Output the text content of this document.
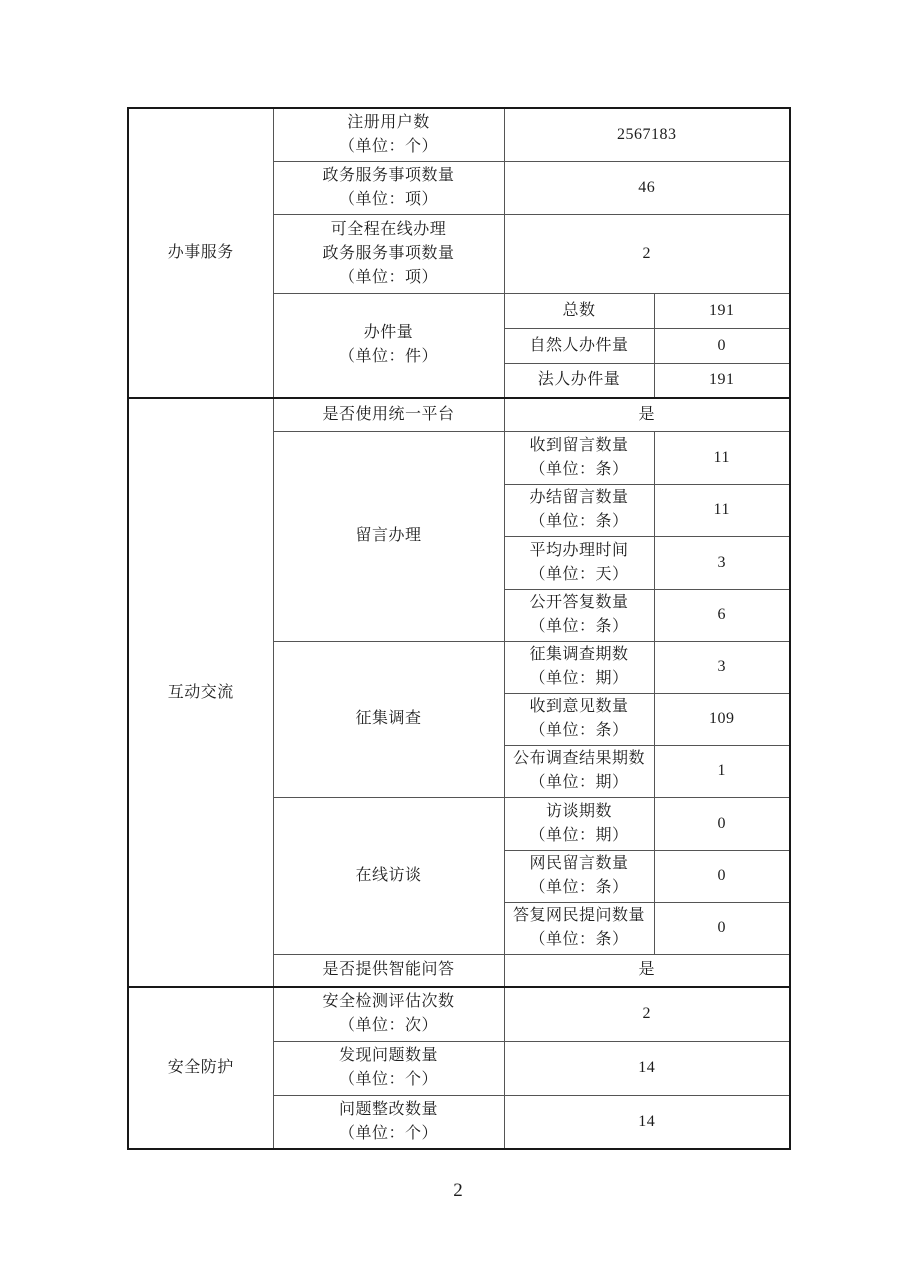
办事服务	注册用户数
（单位：个）	2567183	

	政务服务事项数量
（单位：项）	46	

	可全程在线办理
政务服务事项数量
（单位：项）	2	

	办件量
（单位：件）	总数	191

		自然人办件量	0

		法人办件量	191

互动交流	是否使用统一平台	是	

	留言办理	收到留言数量
（单位：条）	11

		办结留言数量
（单位：条）	11

		平均办理时间
（单位：天）	3

		公开答复数量
（单位：条）	6

	征集调查	征集调查期数
（单位：期）	3

		收到意见数量
（单位：条）	109

		公布调查结果期数
（单位：期）	1

	在线访谈	访谈期数
（单位：期）	0

		网民留言数量
（单位：条）	0

		答复网民提问数量
（单位：条）	0

	是否提供智能问答	是	

安全防护	安全检测评估次数
（单位：次）	2	

	发现问题数量
（单位：个）	14	

	问题整改数量
（单位：个）	14	
2
